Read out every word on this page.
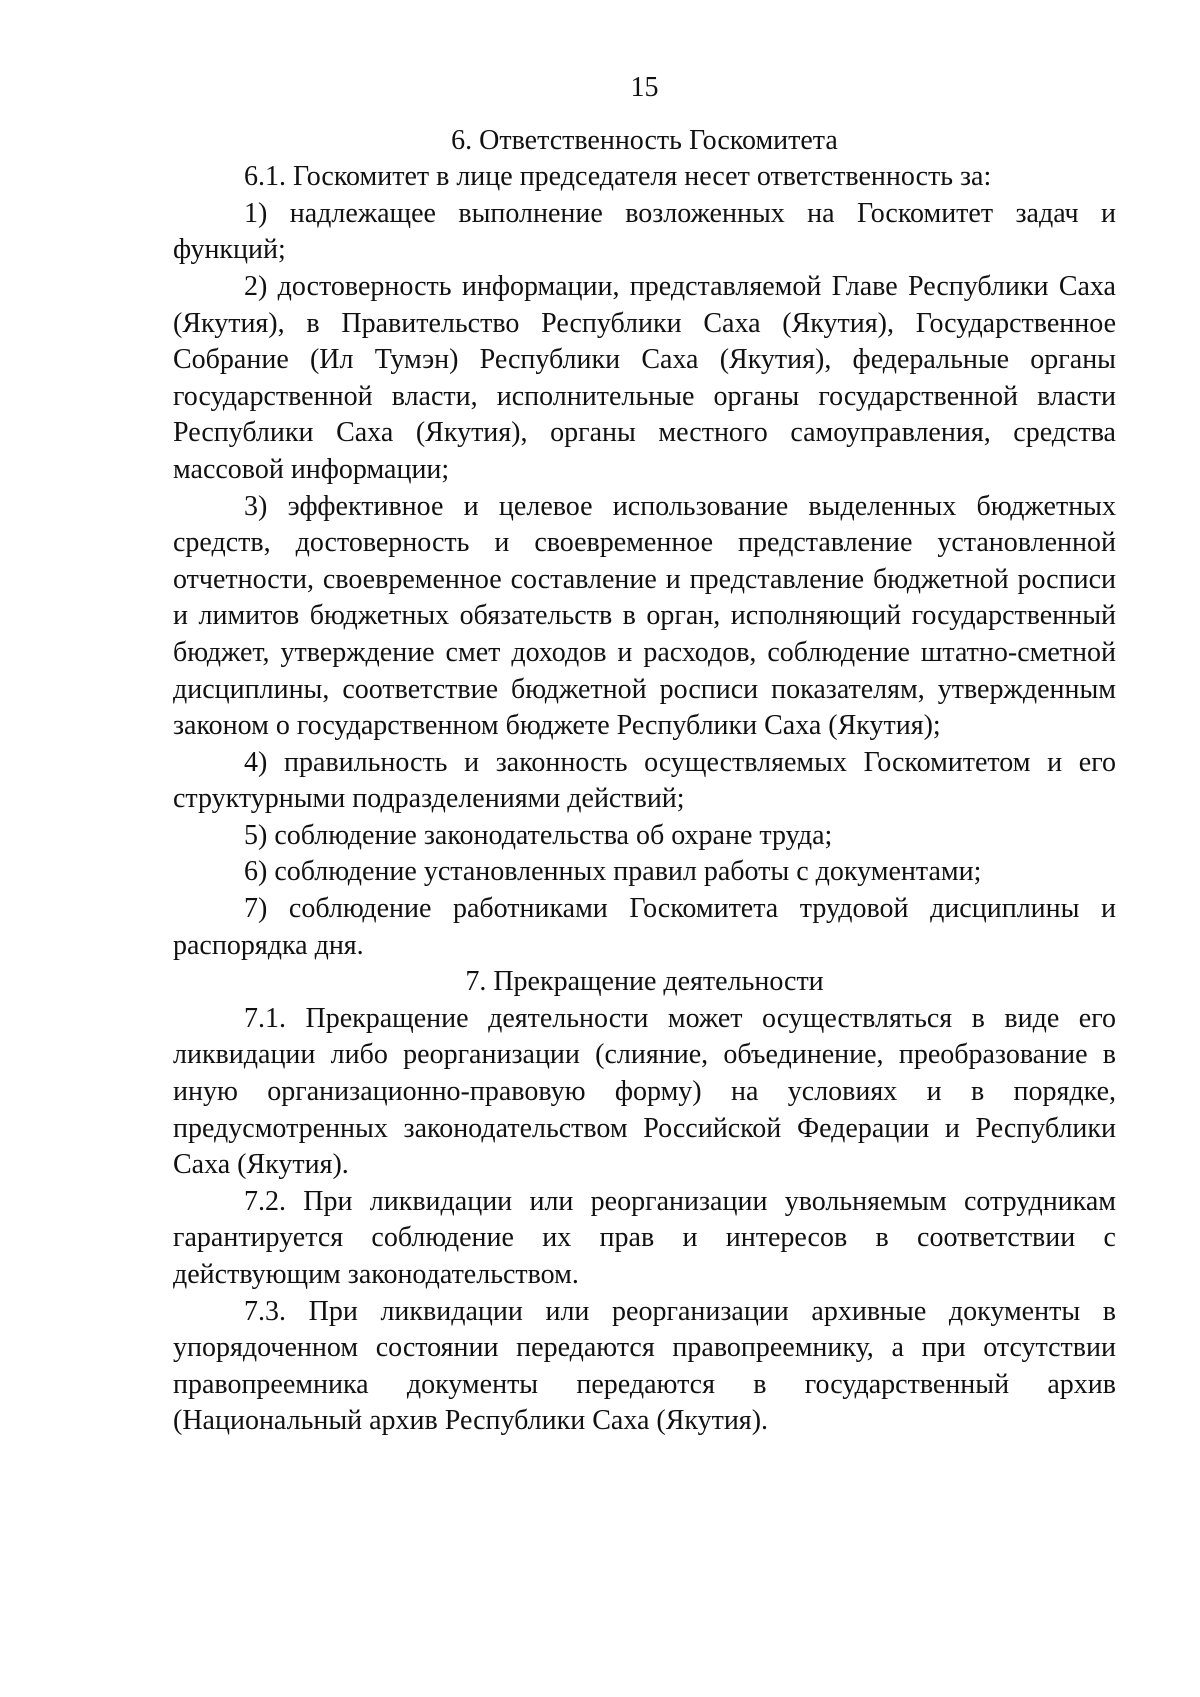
15
6. Ответственность Госкомитета

6.1. Госкомитет в лице председателя несет ответственность за:

1) надлежащее выполнение возложенных на Госкомитет задач и функций;

2) достоверность информации, представляемой Главе Республики Саха (Якутия), в Правительство Республики Саха (Якутия), Государственное Собрание (Ил Тумэн) Республики Саха (Якутия), федеральные органы государственной власти, исполнительные органы государственной власти Республики Саха (Якутия), органы местного самоуправления, средства массовой информации;

3) эффективное и целевое использование выделенных бюджетных средств, достоверность и своевременное представление установленной отчетности, своевременное составление и представление бюджетной росписи и лимитов бюджетных обязательств в орган, исполняющий государственный бюджет, утверждение смет доходов и расходов, соблюдение штатно-сметной дисциплины, соответствие бюджетной росписи показателям, утвержденным законом о государственном бюджете Республики Саха (Якутия);

4) правильность и законность осуществляемых Госкомитетом и его структурными подразделениями действий;

5) соблюдение законодательства об охране труда;

6) соблюдение установленных правил работы с документами;

7) соблюдение работниками Госкомитета трудовой дисциплины и распорядка дня.

7. Прекращение деятельности

7.1. Прекращение деятельности может осуществляться в виде его ликвидации либо реорганизации (слияние, объединение, преобразование в иную организационно-правовую форму) на условиях и в порядке, предусмотренных законодательством Российской Федерации и Республики Саха (Якутия).

7.2. При ликвидации или реорганизации увольняемым сотрудникам гарантируется соблюдение их прав и интересов в соответствии с действующим законодательством.

7.3. При ликвидации или реорганизации архивные документы в упорядоченном состоянии передаются правопреемнику, а при отсутствии правопреемника документы передаются в государственный архив (Национальный архив Республики Саха (Якутия).
